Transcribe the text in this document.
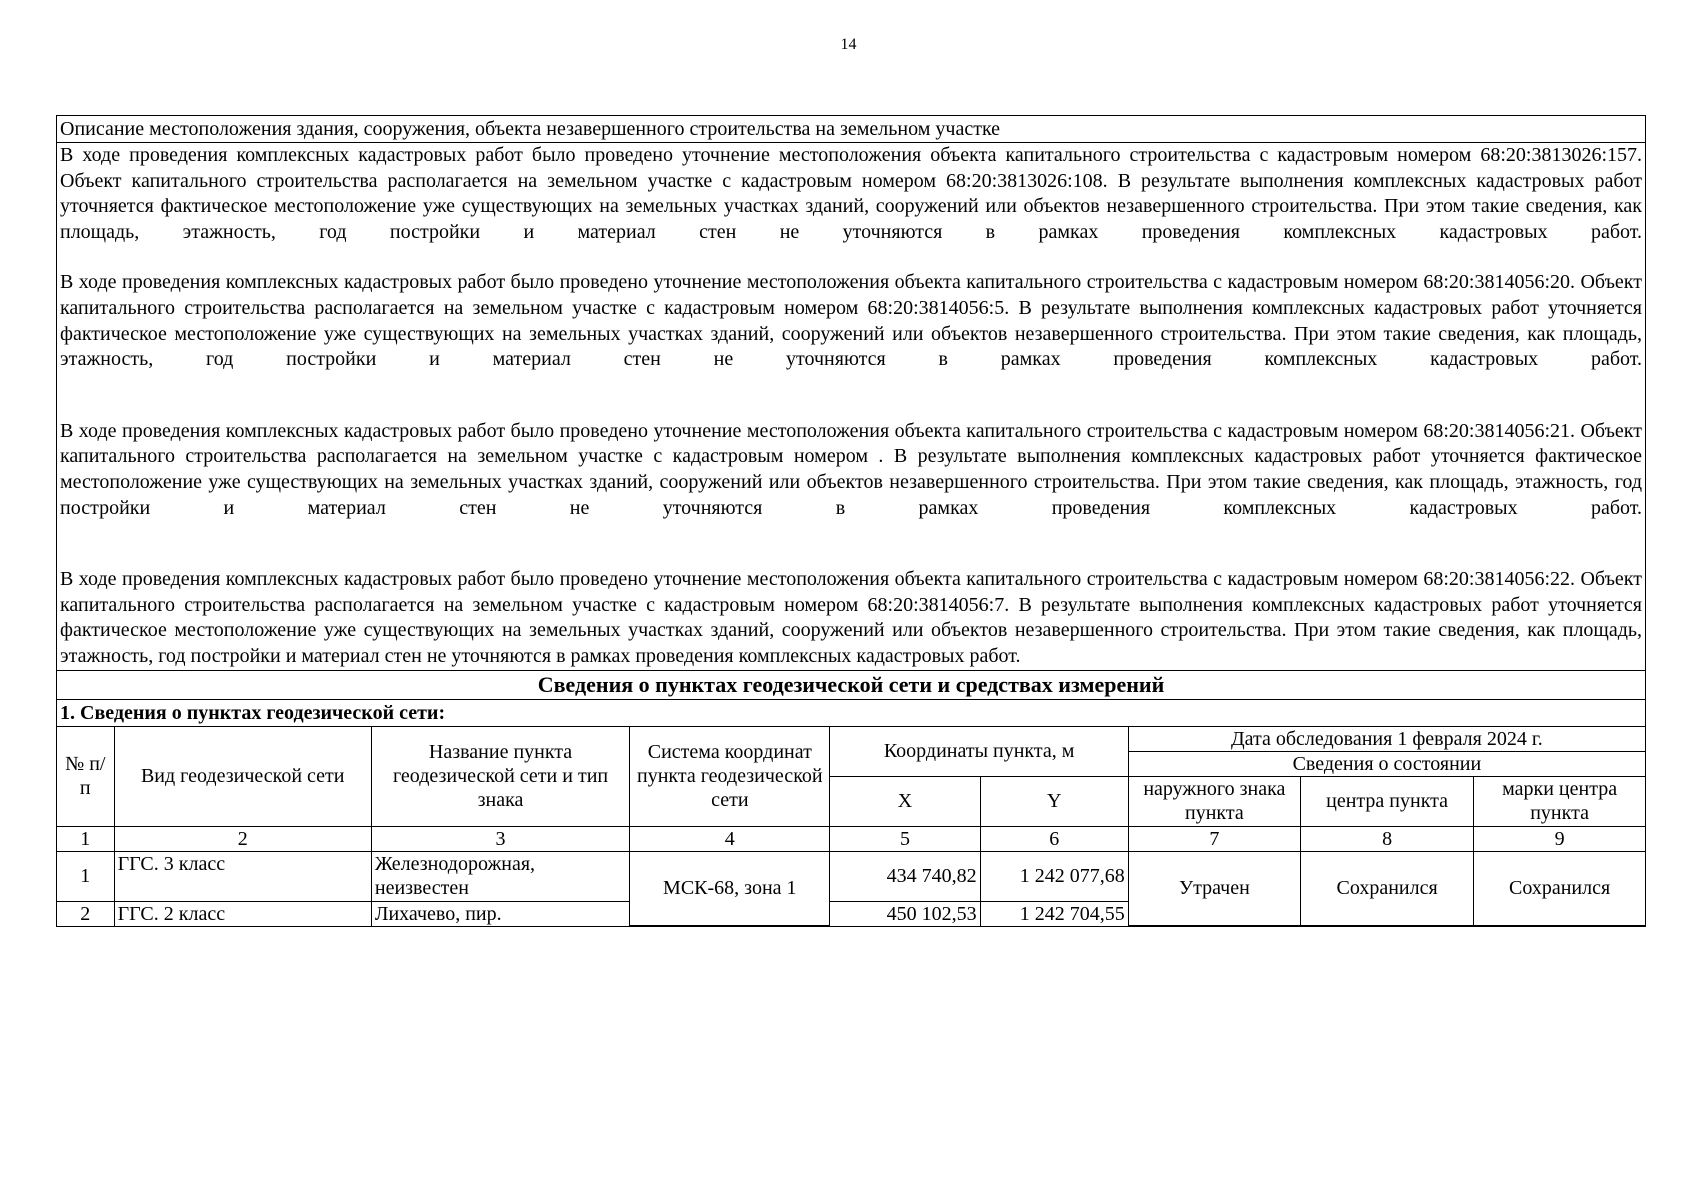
14
Описание местоположения здания, сооружения, объекта незавершенного строительства на земельном участке
В ходе проведения комплексных кадастровых работ было проведено уточнение местоположения объекта капитального строительства с кадастровым номером 68:20:3813026:157. Объект капитального строительства располагается на земельном участке с кадастровым номером 68:20:3813026:108. В результате выполнения комплексных кадастровых работ уточняется фактическое местоположение уже существующих на земельных участках зданий, сооружений или объектов незавершенного строительства. При этом такие сведения, как площадь, этажность, год постройки и материал стен не уточняются в рамках проведения комплексных кадастровых работ.
В ходе проведения комплексных кадастровых работ было проведено уточнение местоположения объекта капитального строительства с кадастровым номером 68:20:3814056:20. Объект капитального строительства располагается на земельном участке с кадастровым номером 68:20:3814056:5. В результате выполнения комплексных кадастровых работ уточняется фактическое местоположение уже существующих на земельных участках зданий, сооружений или объектов незавершенного строительства. При этом такие сведения, как площадь, этажность, год постройки и материал стен не уточняются в рамках проведения комплексных кадастровых работ.
В ходе проведения комплексных кадастровых работ было проведено уточнение местоположения объекта капитального строительства с кадастровым номером 68:20:3814056:21. Объект капитального строительства располагается на земельном участке с кадастровым номером . В результате выполнения комплексных кадастровых работ уточняется фактическое местоположение уже существующих на земельных участках зданий, сооружений или объектов незавершенного строительства. При этом такие сведения, как площадь, этажность, год постройки и материал стен не уточняются в рамках проведения комплексных кадастровых работ.
В ходе проведения комплексных кадастровых работ было проведено уточнение местоположения объекта капитального строительства с кадастровым номером 68:20:3814056:22. Объект капитального строительства располагается на земельном участке с кадастровым номером 68:20:3814056:7. В результате выполнения комплексных кадастровых работ уточняется фактическое местоположение уже существующих на земельных участках зданий, сооружений или объектов незавершенного строительства. При этом такие сведения, как площадь, этажность, год постройки и материал стен не уточняются в рамках проведения комплексных кадастровых работ.
Сведения о пунктах геодезической сети и средствах измерений
1. Сведения о пунктах геодезической сети:
№ п/п	Вид геодезической сети	Название пункта геодезической сети и тип знака	Система координат пункта геодезической сети	Координаты пункта, м		Дата обследования 1 февраля 2024 г.		
						Сведения о состоянии		
				X	Y	наружного знака пункта	центра пункта	марки центра пункта
1	2	3	4	5	6	7	8	9
1	ГГС. 3 класс	Железнодорожная, неизвестен	МСК-68, зона 1	434 740,82	1 242 077,68	Утрачен	Сохранился	Сохранился
2	ГГС. 2 класс	Лихачево, пир.		450 102,53	1 242 704,55			
